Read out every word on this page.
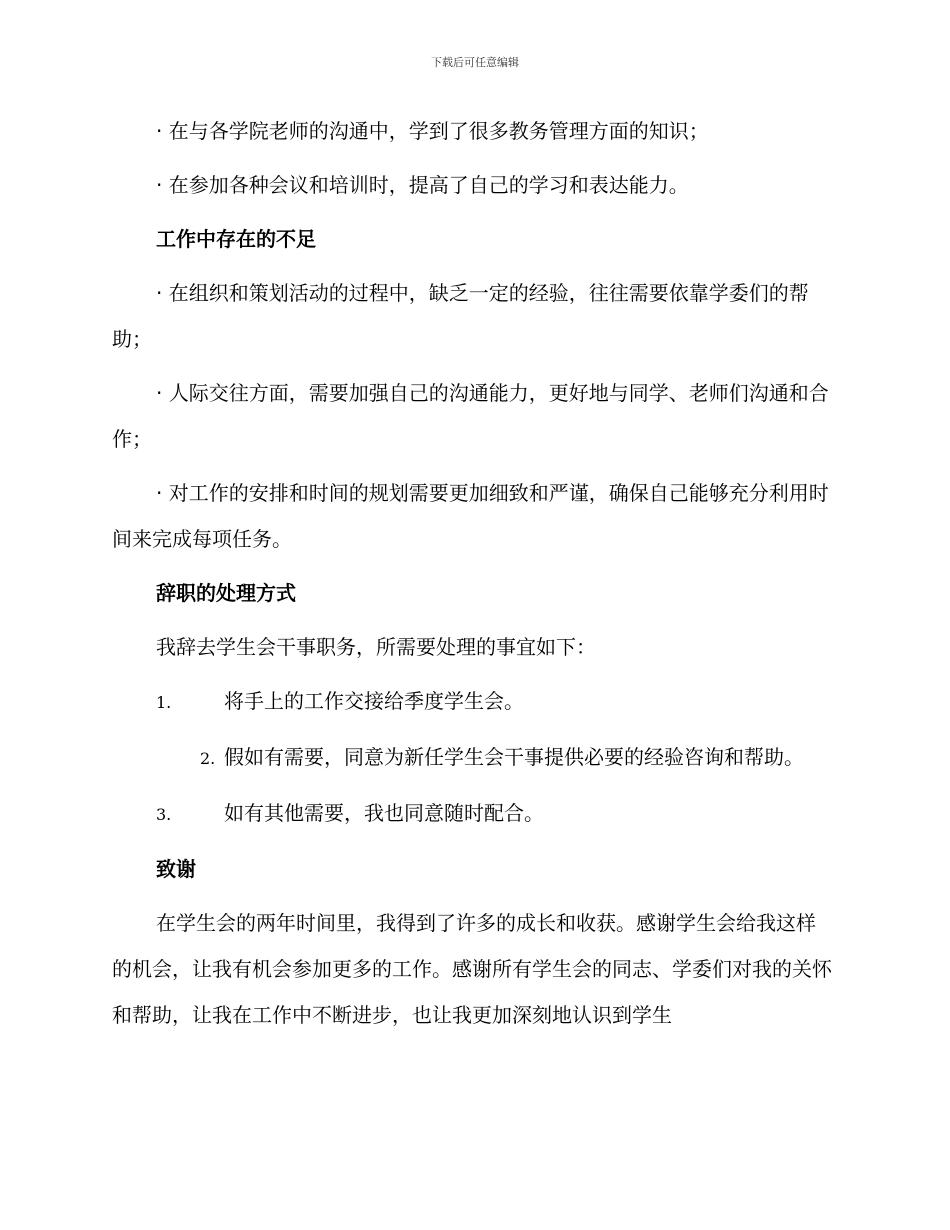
下载后可任意编辑

· 在与各学院老师的沟通中，学到了很多教务管理方面的知识；

· 在参加各种会议和培训时，提高了自己的学习和表达能力。

工作中存在的不足

· 在组织和策划活动的过程中，缺乏一定的经验，往往需要依靠学委们的帮助；

· 人际交往方面，需要加强自己的沟通能力，更好地与同学、老师们沟通和合作；

· 对工作的安排和时间的规划需要更加细致和严谨，确保自己能够充分利用时间来完成每项任务。

辞职的处理方式

我辞去学生会干事职务，所需要处理的事宜如下：

1.	将手上的工作交接给季度学生会。

2. 假如有需要，同意为新任学生会干事提供必要的经验咨询和帮助。

3.	如有其他需要，我也同意随时配合。

致谢

在学生会的两年时间里，我得到了许多的成长和收获。感谢学生会给我这样的机会，让我有机会参加更多的工作。感谢所有学生会的同志、学委们对我的关怀和帮助，让我在工作中不断进步，也让我更加深刻地认识到学生
